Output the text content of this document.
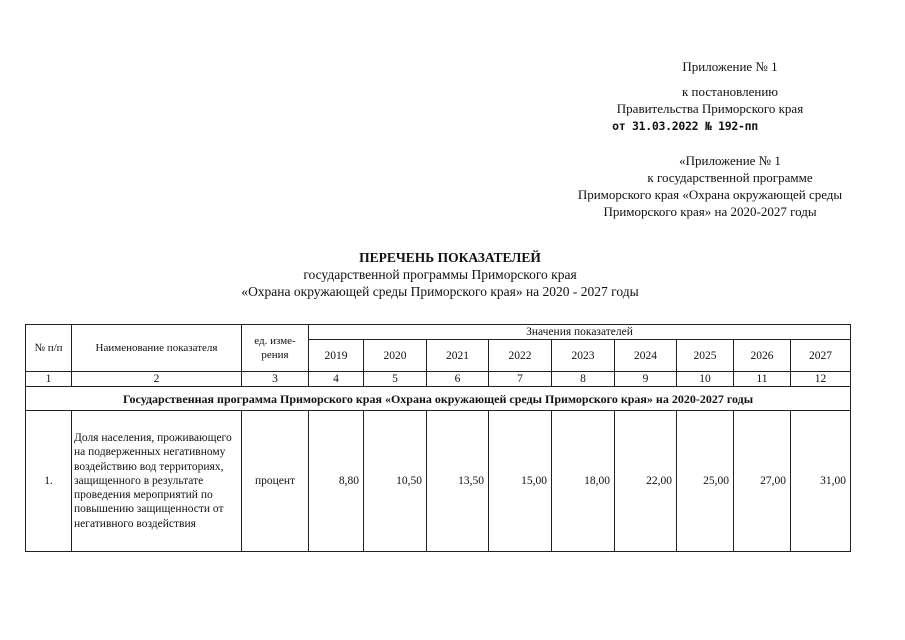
Приложение № 1
к постановлению
Правительства Приморского края
от 31.03.2022 № 192-пп
«Приложение № 1
к государственной программе
Приморского края «Охрана окружающей среды
Приморского края» на 2020-2027 годы
ПЕРЕЧЕНЬ ПОКАЗАТЕЛЕЙ
государственной программы Приморского края
«Охрана окружающей среды Приморского края» на 2020 - 2027 годы
№ п/п	Наименование показателя	ед. изме-рения	Значения показателей								
			2019	2020	2021	2022	2023	2024	2025	2026	2027
1	2	3	4	5	6	7	8	9	10	11	12
Государственная программа Приморского края «Охрана окружающей среды Приморского края» на 2020-2027 годы											
1.	Доля населения, проживающего на подверженных негативному воздействию вод территориях, защищенного в результате проведения мероприятий по повышению защищенности от негативного воздействия	процент	8,80	10,50	13,50	15,00	18,00	22,00	25,00	27,00	31,00
